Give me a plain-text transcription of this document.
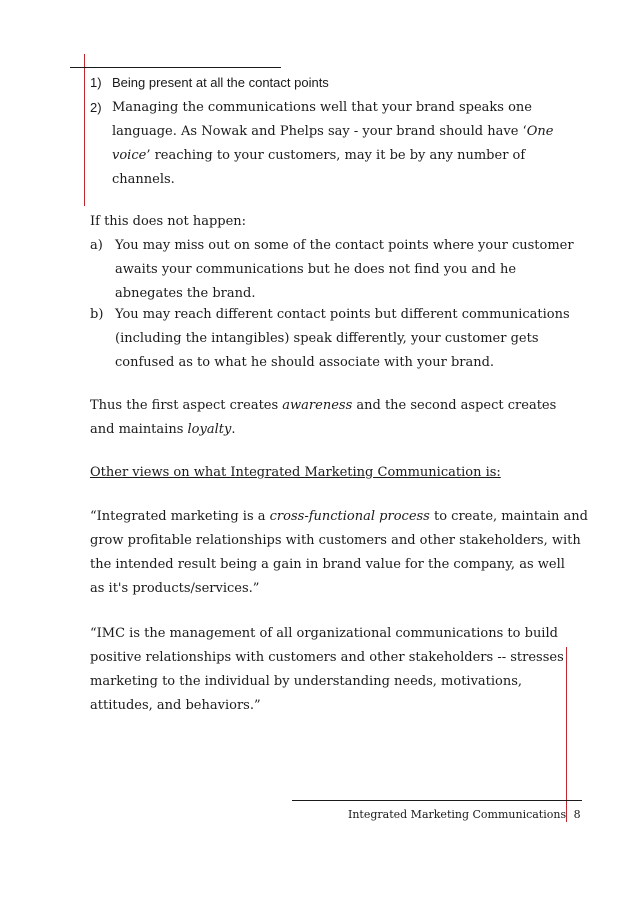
1) Being present at all the contact points
2) Managing the communications well that your brand speaks one
language. As Nowak and Phelps say - your brand should have ‘One
voice’ reaching to your customers, may it be by any number of
channels.
If this does not happen:
a) You may miss out on some of the contact points where your customer
awaits your communications but he does not find you and he
abnegates the brand.
b) You may reach different contact points but different communications
(including the intangibles) speak differently, your customer gets
confused as to what he should associate with your brand.
Thus the first aspect creates awareness and the second aspect creates
and maintains loyalty.
Other views on what Integrated Marketing Communication is:
“Integrated marketing is a cross-functional process to create, maintain and
grow profitable relationships with customers and other stakeholders, with
the intended result being a gain in brand value for the company, as well
as it's products/services.”
“IMC is the management of all organizational communications to build
positive relationships with customers and other stakeholders -- stresses
marketing to the individual by understanding needs, motivations,
attitudes, and behaviors.”
Integrated Marketing Communications 8
